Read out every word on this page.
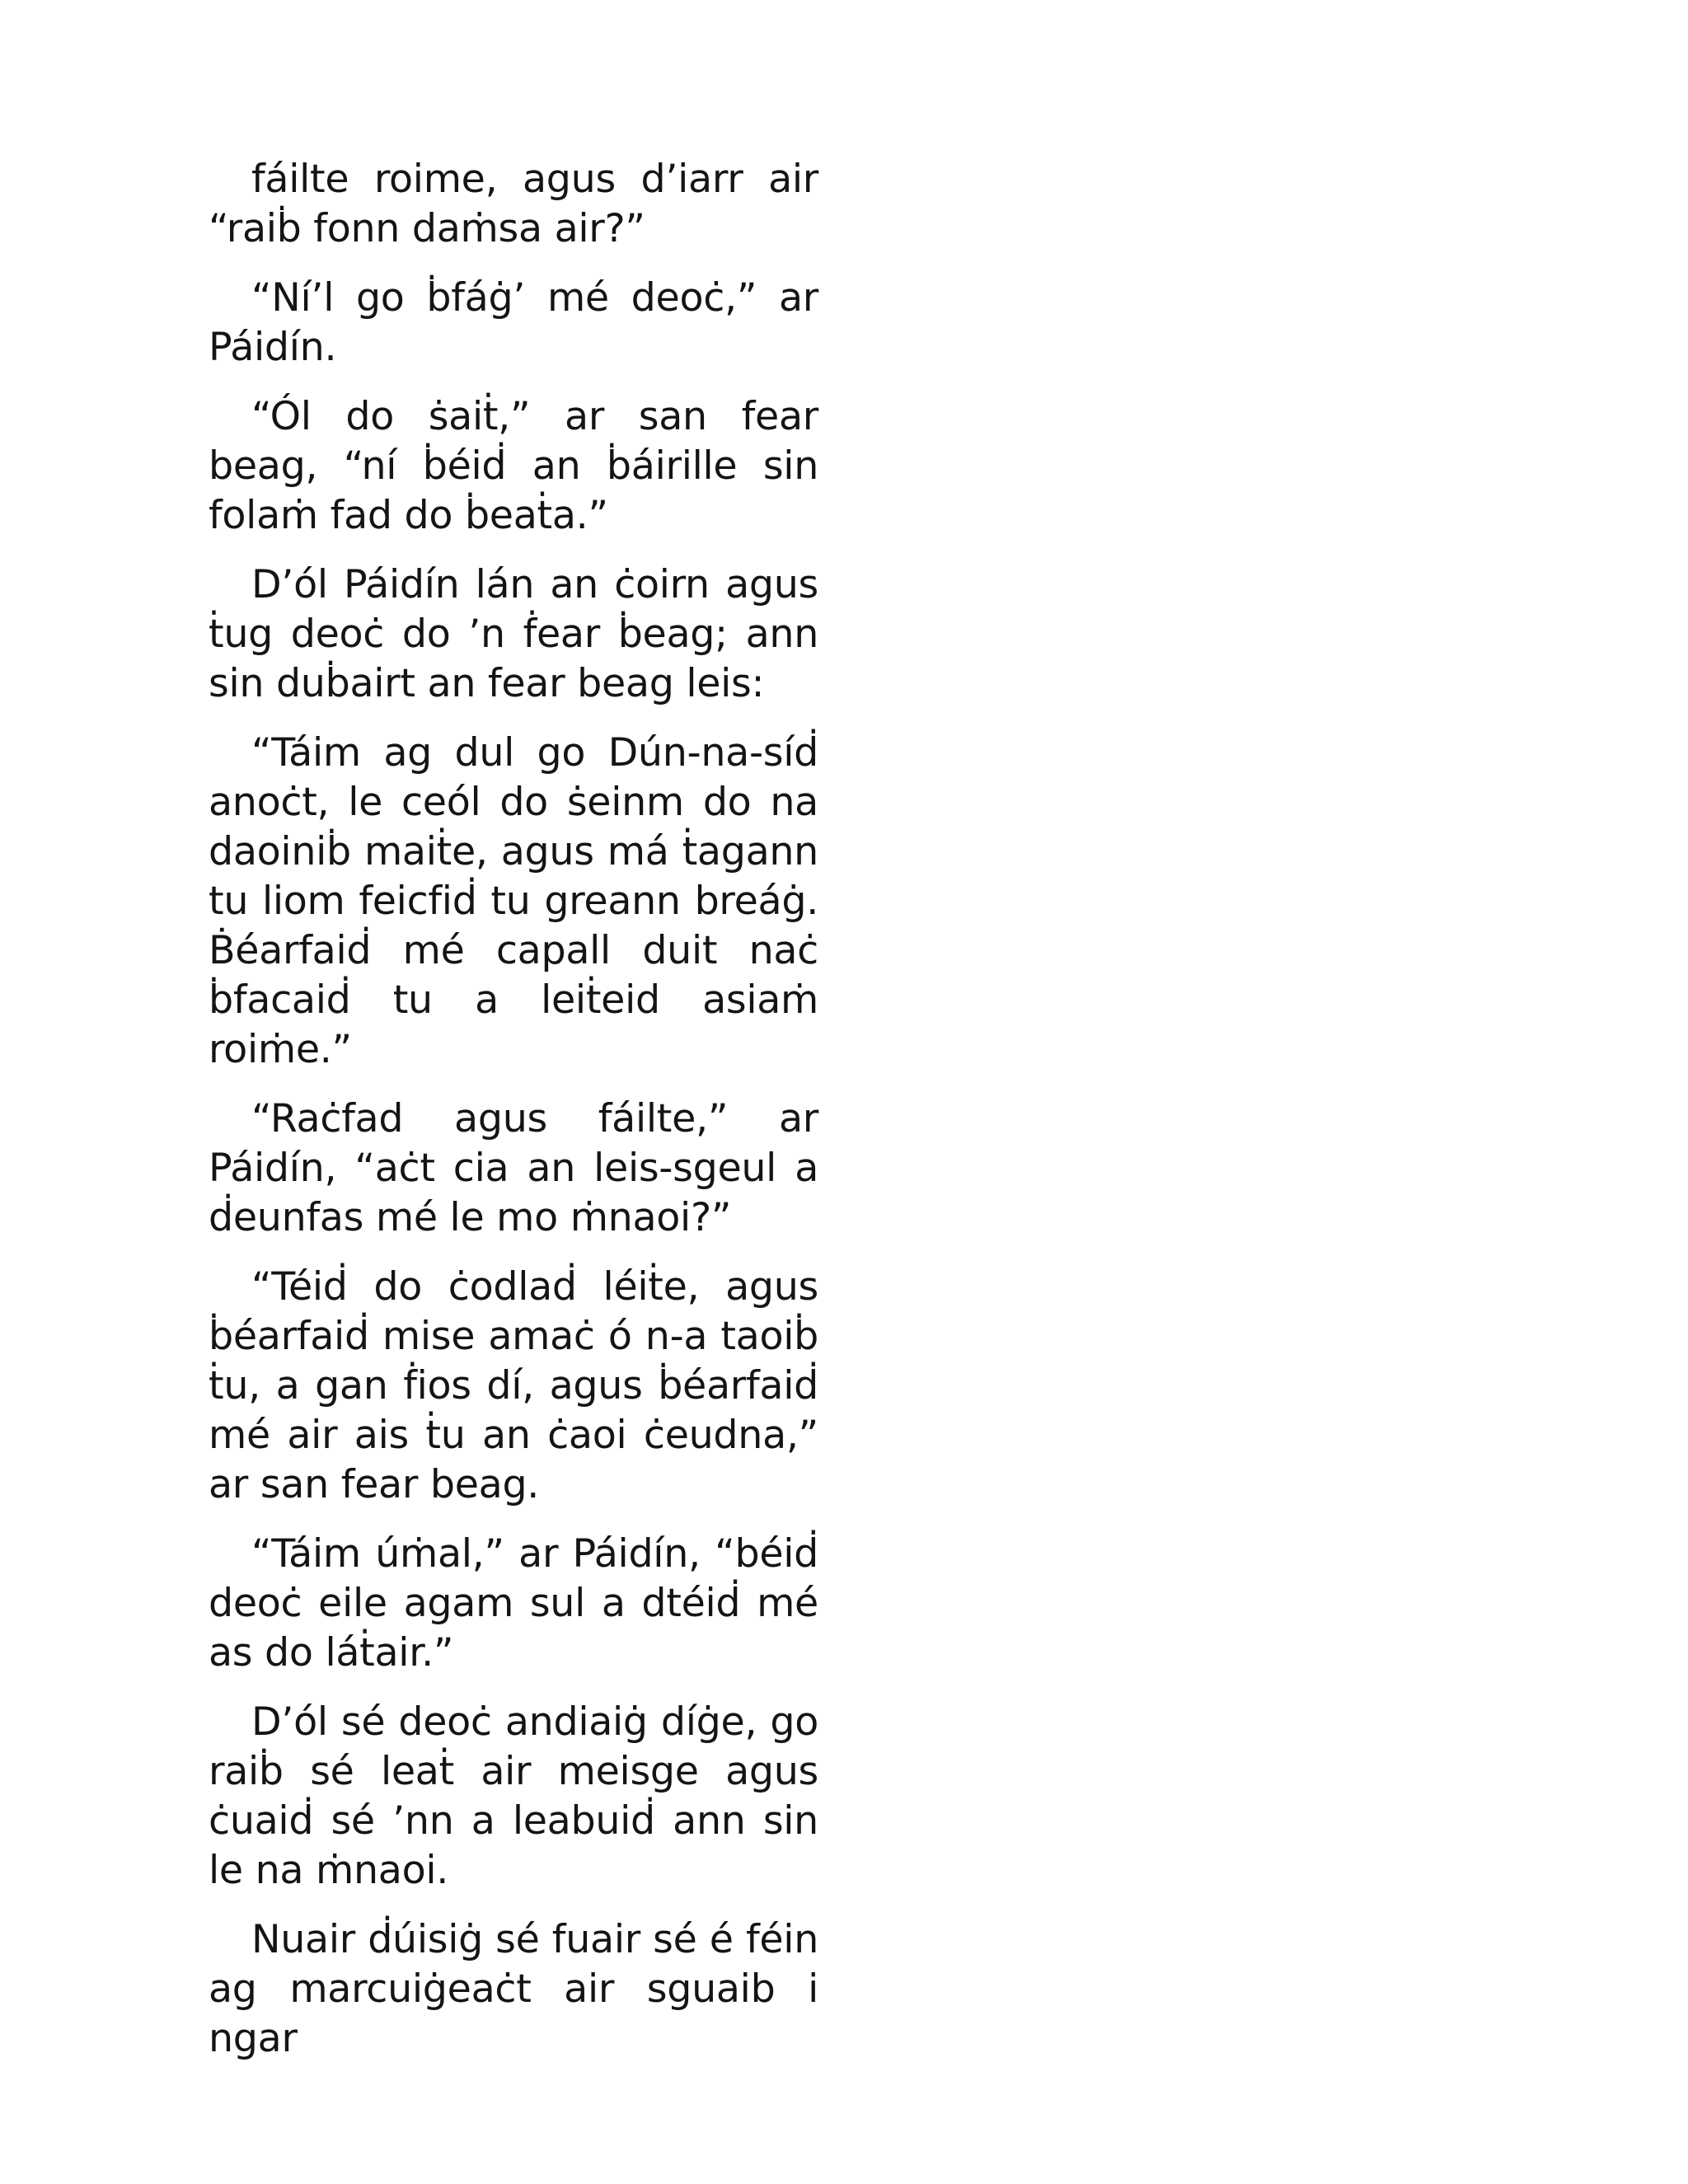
fáilte roime, agus d’iarr air “raiḃ fonn daṁsa air?”

“Ní’l go ḃfáġ’ mé deoċ,” ar Páidín.

“Ól do ṡaiṫ,” ar san fear beag, “ní ḃéiḋ an ḃáirille sin folaṁ fad do ḃeaṫa.”

D’ól Páidín lán an ċoirn agus ṫug deoċ do ’n ḟear ḃeag; ann sin duḃairt an fear beag leis:

“Táim ag dul go Dún-na-síḋ anoċt, le ceól do ṡeinm do na daoiniḃ maiṫe, agus má ṫagann tu liom feicfiḋ tu greann breáġ. Ḃéarfaiḋ mé capall duit naċ ḃfacaiḋ tu a leiṫeid asiaṁ roiṁe.”

“Raċfad agus fáilte,” ar Páidín, “aċt cia an leis-sgeul a ḋeunfas mé le mo ṁnaoi?”

“Téiḋ do ċodlaḋ léiṫe, agus ḃéarfaiḋ mise amaċ ó n-a taoiḃ ṫu, a gan ḟios dí, agus ḃéarfaiḋ mé air ais ṫu an ċaoi ċeudna,” ar san fear beag.

“Táim úṁal,” ar Páidín, “béiḋ deoċ eile agam sul a dtéiḋ mé as do láṫair.”

D’ól sé deoċ andiaiġ díġe, go raiḃ sé leaṫ air meisge agus ċuaiḋ sé ’nn a leabuiḋ ann sin le na ṁnaoi.

Nuair ḋúisiġ sé fuair sé é féin ag marcuiġeaċt air sguaib i ngar
